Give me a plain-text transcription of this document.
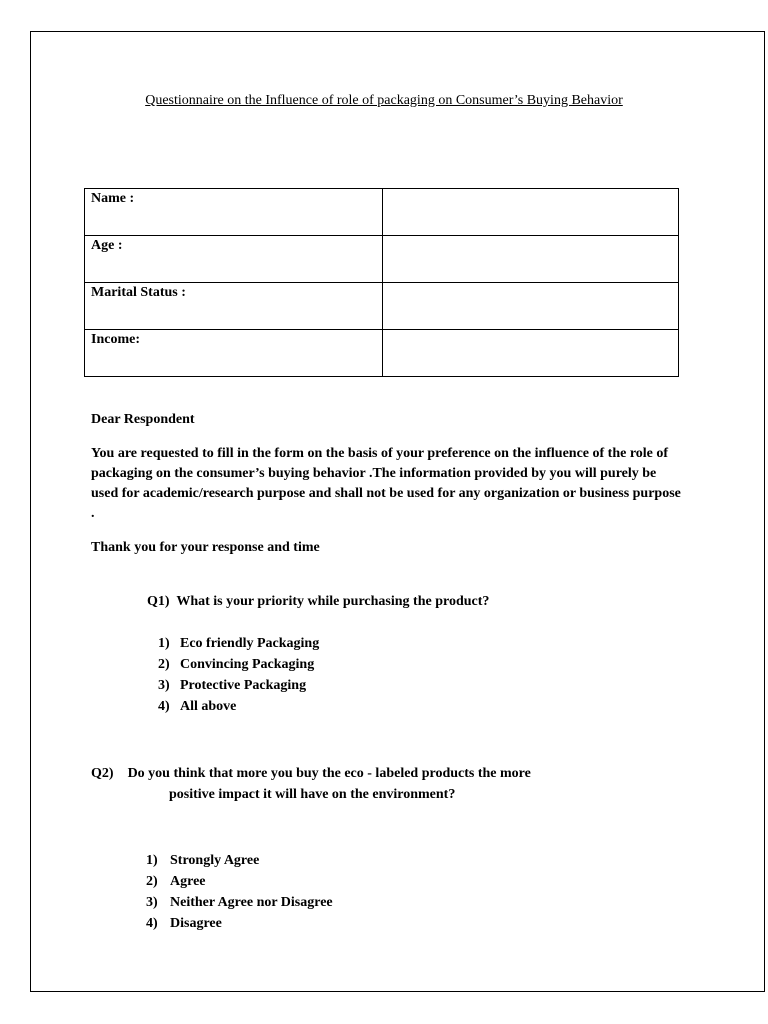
Questionnaire on the Influence of role of packaging on Consumer’s Buying Behavior
Name :	
Age :	
Marital Status :	
Income:	
Dear Respondent
You are requested to fill in the form on the basis of your preference on the influence of the role of packaging on the consumer’s buying behavior .The information provided by you will purely be used for academic/research purpose and shall not be used for any organization or business purpose .
Thank you for your response and time
Q1) What is your priority while purchasing the product?
1) Eco friendly Packaging
2) Convincing Packaging
3) Protective Packaging
4) All above
Q2) Do you think that more you buy the eco - labeled products the more
positive impact it will have on the environment?
1) Strongly Agree
2) Agree
3) Neither Agree nor Disagree
4) Disagree
